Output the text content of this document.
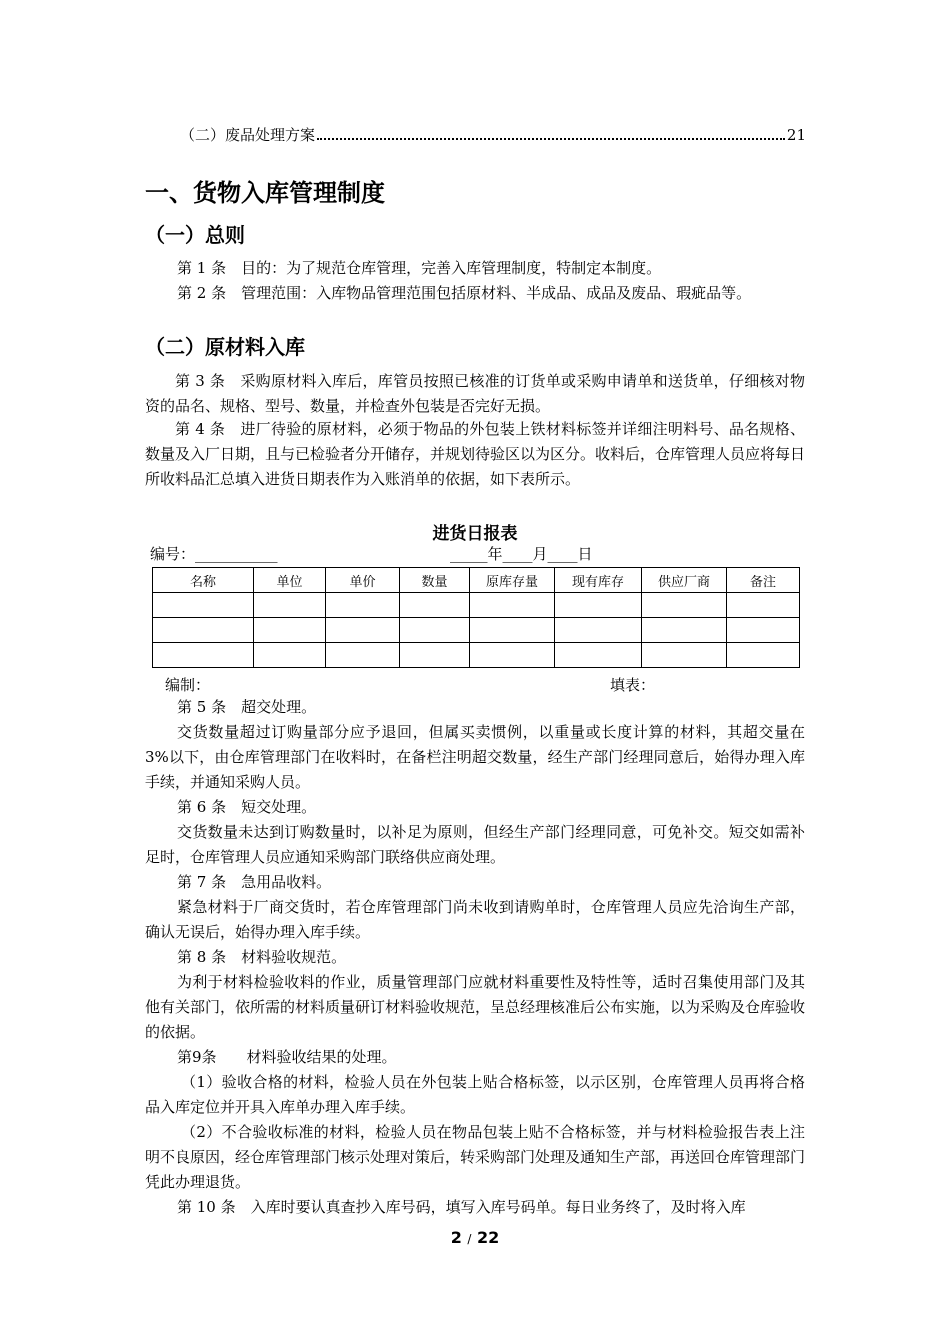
（二）废品处理方案	21
一、货物入库管理制度
（一）总则
第 1 条　目的：为了规范仓库管理，完善入库管理制度，特制定本制度。
第 2 条　管理范围：入库物品管理范围包括原材料、半成品、成品及废品、瑕疵品等。
（二）原材料入库
第 3 条　采购原材料入库后，库管员按照已核准的订货单或采购申请单和送货单，仔细核对物资的品名、规格、型号、数量，并检查外包装是否完好无损。
第 4 条　进厂待验的原材料，必须于物品的外包装上铁材料标签并详细注明料号、品名规格、数量及入厂日期，且与已检验者分开储存，并规划待验区以为区分。收料后，仓库管理人员应将每日所收料品汇总填入进货日期表作为入账消单的依据，如下表所示。
进货日报表
编号：___________	_____年____月____日
名称	单位	单价	数量	原库存量	现有库存	供应厂商	备注

编制：	填表：
第 5 条　超交处理。
交货数量超过订购量部分应予退回，但属买卖惯例，以重量或长度计算的材料，其超交量在 3%以下，由仓库管理部门在收料时，在备栏注明超交数量，经生产部门经理同意后，始得办理入库手续，并通知采购人员。
第 6 条　短交处理。
交货数量未达到订购数量时，以补足为原则，但经生产部门经理同意，可免补交。短交如需补足时，仓库管理人员应通知采购部门联络供应商处理。
第 7 条　急用品收料。
紧急材料于厂商交货时，若仓库管理部门尚未收到请购单时，仓库管理人员应先洽询生产部，确认无误后，始得办理入库手续。
第 8 条　材料验收规范。
为利于材料检验收料的作业，质量管理部门应就材料重要性及特性等，适时召集使用部门及其他有关部门，依所需的材料质量研订材料验收规范，呈总经理核准后公布实施，以为采购及仓库验收的依据。
第9条　　材料验收结果的处理。
（1）验收合格的材料，检验人员在外包装上贴合格标签，以示区别，仓库管理人员再将合格品入库定位并开具入库单办理入库手续。
（2）不合验收标准的材料，检验人员在物品包装上贴不合格标签，并与材料检验报告表上注明不良原因，经仓库管理部门核示处理对策后，转采购部门处理及通知生产部，再送回仓库管理部门凭此办理退货。
第 10 条　入库时要认真查抄入库号码，填写入库号码单。每日业务终了，及时将入库
2 / 22
